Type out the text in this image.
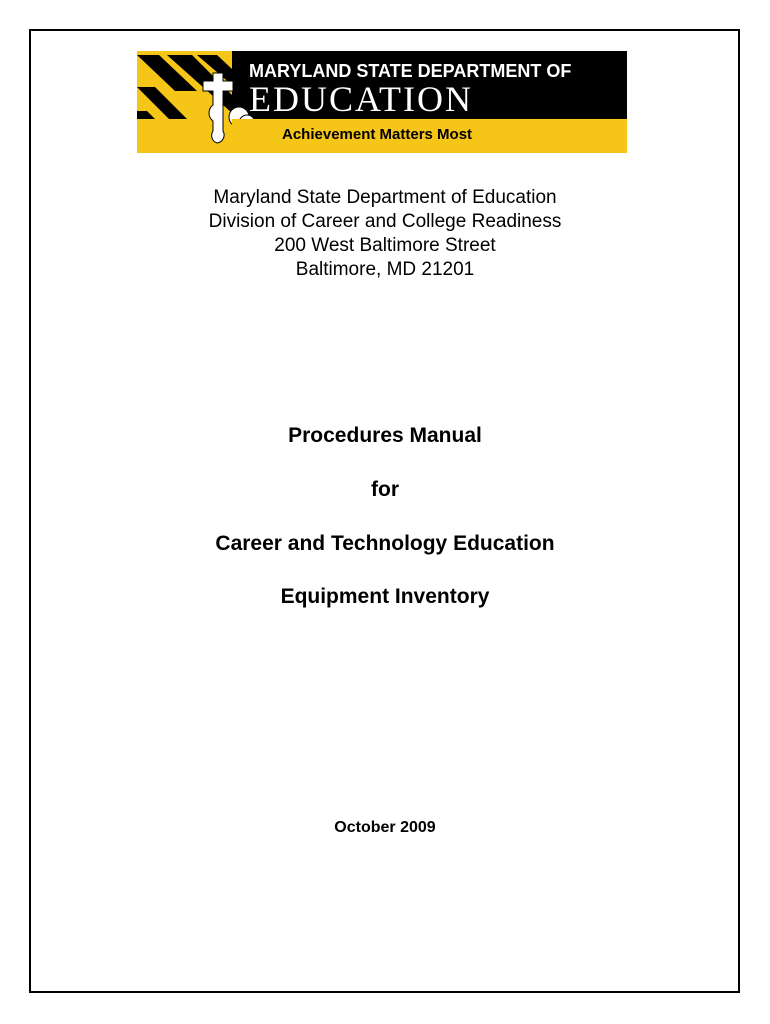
MARYLAND STATE DEPARTMENT OF
EDUCATION
Achievement Matters Most
Maryland State Department of Education
Division of Career and College Readiness
200 West Baltimore Street
Baltimore, MD 21201
Procedures Manual
for
Career and Technology Education
Equipment Inventory
October 2009
